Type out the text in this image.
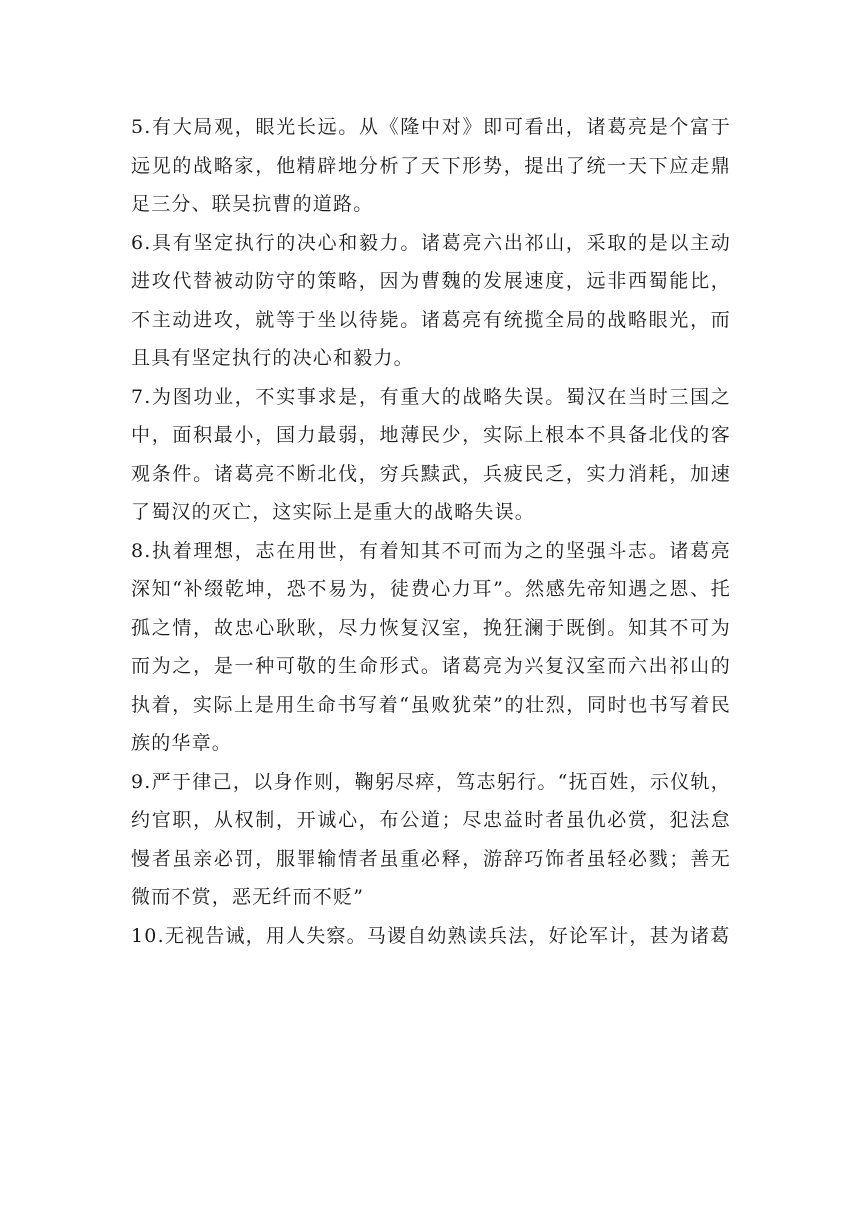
5.有大局观，眼光长远。从《隆中对》即可看出，诸葛亮是个富于远见的战略家，他精辟地分析了天下形势，提出了统一天下应走鼎足三分、联吴抗曹的道路。

6.具有坚定执行的决心和毅力。诸葛亮六出祁山，采取的是以主动进攻代替被动防守的策略，因为曹魏的发展速度，远非西蜀能比，不主动进攻，就等于坐以待毙。诸葛亮有统揽全局的战略眼光，而且具有坚定执行的决心和毅力。

7.为图功业，不实事求是，有重大的战略失误。蜀汉在当时三国之中，面积最小，国力最弱，地薄民少，实际上根本不具备北伐的客观条件。诸葛亮不断北伐，穷兵黩武，兵疲民乏，实力消耗，加速了蜀汉的灭亡，这实际上是重大的战略失误。

8.执着理想，志在用世，有着知其不可而为之的坚强斗志。诸葛亮深知“补缀乾坤，恐不易为，徒费心力耳”。然感先帝知遇之恩、托孤之情，故忠心耿耿，尽力恢复汉室，挽狂澜于既倒。知其不可为而为之，是一种可敬的生命形式。诸葛亮为兴复汉室而六出祁山的执着，实际上是用生命书写着“虽败犹荣”的壮烈，同时也书写着民族的华章。

9.严于律己，以身作则，鞠躬尽瘁，笃志躬行。“抚百姓，示仪轨，约官职，从权制，开诚心，布公道；尽忠益时者虽仇必赏，犯法怠慢者虽亲必罚，服罪输情者虽重必释，游辞巧饰者虽轻必戮；善无微而不赏，恶无纤而不贬”

10.无视告诫，用人失察。马谡自幼熟读兵法，好论军计，甚为诸葛
